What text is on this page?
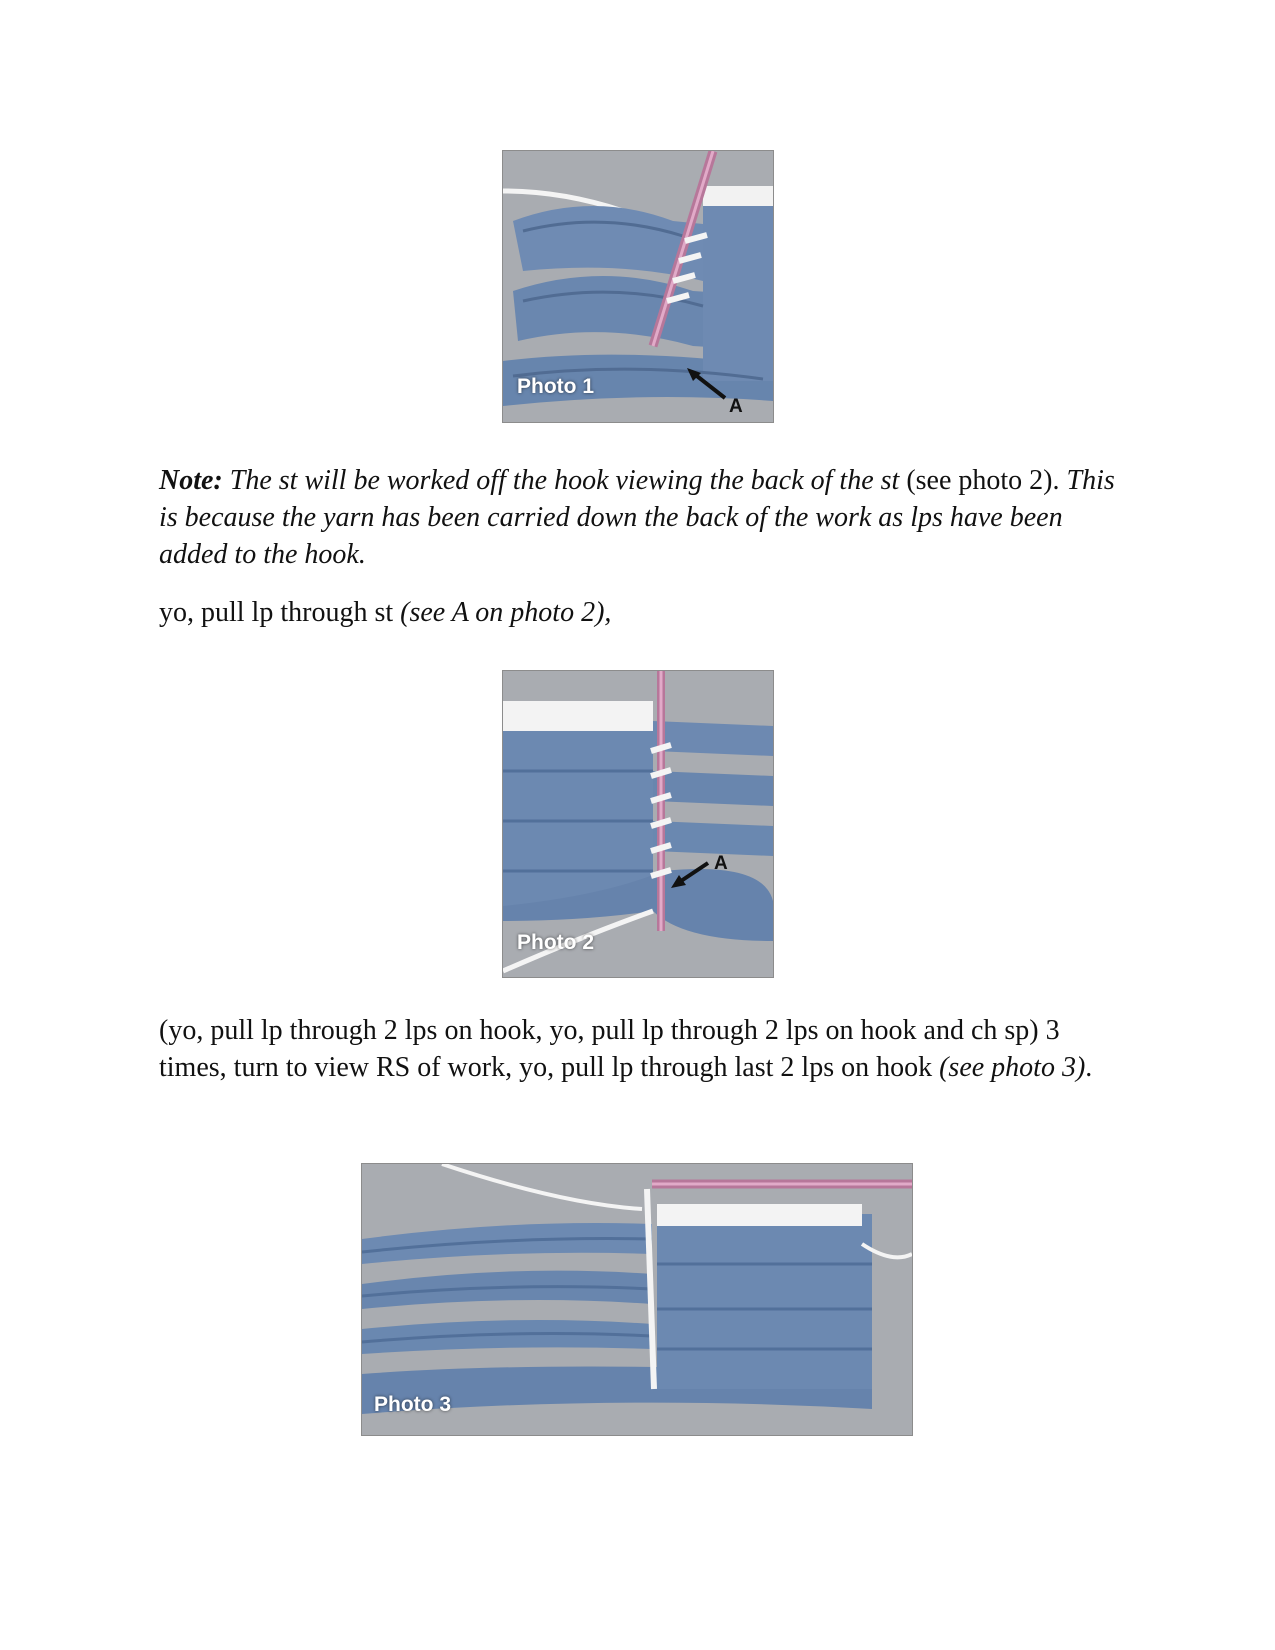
Photo 1
A

Note: The st will be worked off the hook viewing the back of the st (see photo 2). This is because the yarn has been carried down the back of the work as lps have been added to the hook.

yo, pull lp through st (see A on photo 2),

Photo 2
A

(yo, pull lp through 2 lps on hook, yo, pull lp through 2 lps on hook and ch sp) 3 times, turn to view RS of work, yo, pull lp through last 2 lps on hook (see photo 3).

Photo 3
